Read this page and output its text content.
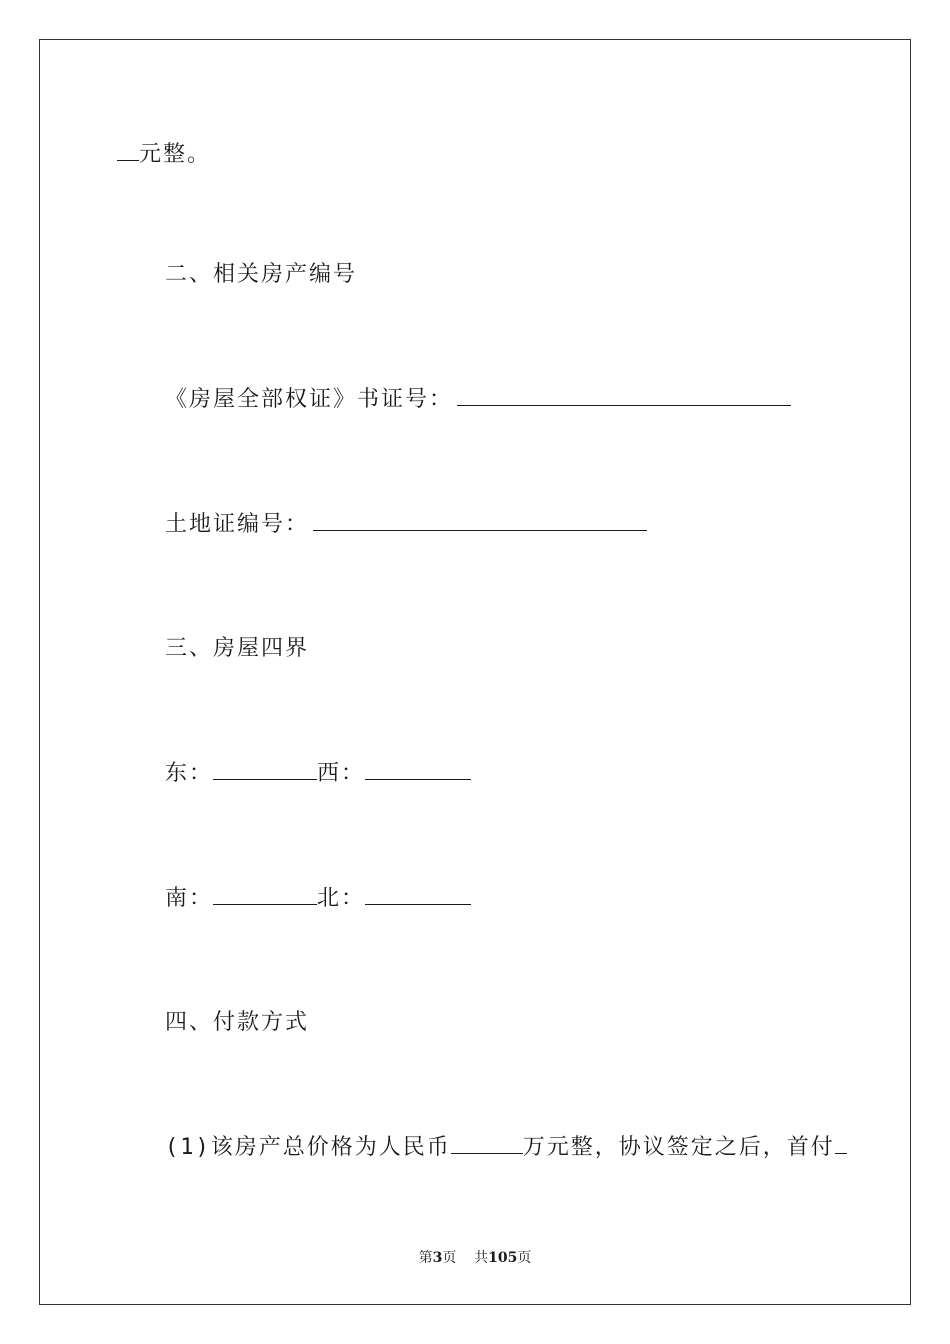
元整。
二、相关房产编号
《房屋全部权证》书证号：
土地证编号：
三、房屋四界
东：	西：
南：	北：
四、付款方式
(1)该房产总价格为人民币	万元整，协议签定之后，首付
第3页 共105页
